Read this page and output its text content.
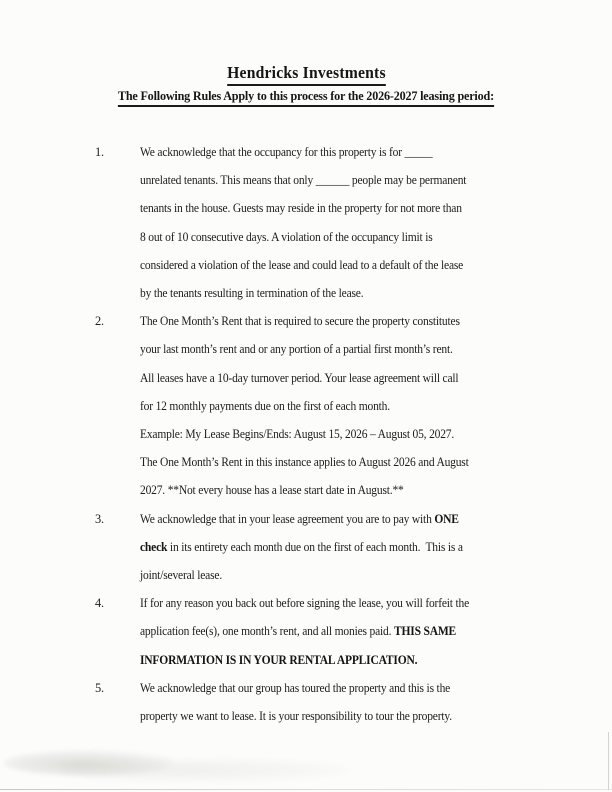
Hendricks Investments
The Following Rules Apply to this process for the 2026-2027 leasing period:
1.	We acknowledge that the occupancy for this property is for _____
unrelated tenants. This means that only ______ people may be permanent
tenants in the house. Guests may reside in the property for not more than
8 out of 10 consecutive days. A violation of the occupancy limit is
considered a violation of the lease and could lead to a default of the lease
by the tenants resulting in termination of the lease.
2.	The One Month’s Rent that is required to secure the property constitutes
your last month’s rent and or any portion of a partial first month’s rent.
All leases have a 10-day turnover period. Your lease agreement will call
for 12 monthly payments due on the first of each month.
Example: My Lease Begins/Ends: August 15, 2026 – August 05, 2027.
The One Month’s Rent in this instance applies to August 2026 and August
2027. **Not every house has a lease start date in August.**
3.	We acknowledge that in your lease agreement you are to pay with ONE
check in its entirety each month due on the first of each month.  This is a
joint/several lease.
4.	If for any reason you back out before signing the lease, you will forfeit the
application fee(s), one month’s rent, and all monies paid. THIS SAME
INFORMATION IS IN YOUR RENTAL APPLICATION.
5.	We acknowledge that our group has toured the property and this is the
property we want to lease. It is your responsibility to tour the property.
